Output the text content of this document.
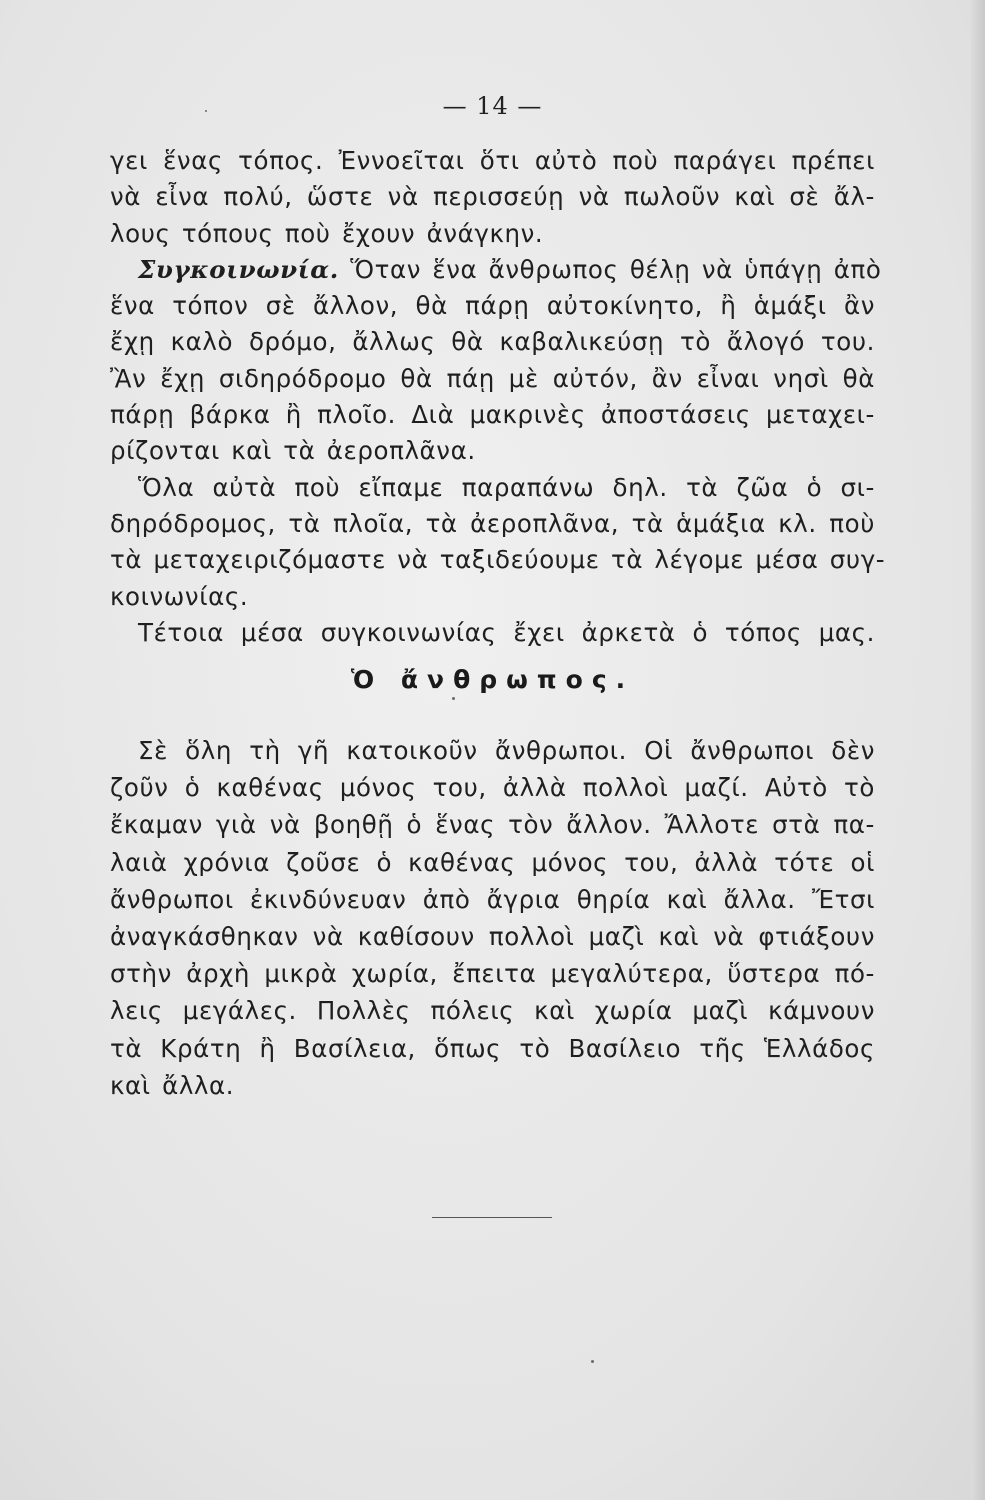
— 14 —
γει ἕνας τόπος. Ἐννοεῖται ὅτι αὐτὸ ποὺ παράγει πρέπει
νὰ εἶνα πολύ, ὥστε νὰ περισσεύῃ νὰ πωλοῦν καὶ σὲ ἄλ-
λους τόπους ποὺ ἔχουν ἀνάγκην.
Συγκοινωνία. Ὅταν ἕνα ἄνθρωπος θέλῃ νὰ ὑπάγῃ ἀπὸ
ἕνα τόπον σὲ ἄλλον, θὰ πάρῃ αὐτοκίνητο, ἢ ἁμάξι ἂν
ἔχῃ καλὸ δρόμο, ἄλλως θὰ καβαλικεύσῃ τὸ ἄλογό του.
Ἂν ἔχῃ σιδηρόδρομο θὰ πάῃ μὲ αὐτόν, ἂν εἶναι νησὶ θὰ
πάρῃ βάρκα ἢ πλοῖο. Διὰ μακρινὲς ἀποστάσεις μεταχει-
ρίζονται καὶ τὰ ἀεροπλᾶνα.
Ὅλα αὐτὰ ποὺ εἴπαμε παραπάνω δηλ. τὰ ζῶα ὁ σι-
δηρόδρομος, τὰ πλοῖα, τὰ ἀεροπλᾶνα, τὰ ἁμάξια κλ. ποὺ
τὰ μεταχειριζόμαστε νὰ ταξιδεύουμε τὰ λέγομε μέσα συγ-
κοινωνίας.
Τέτοια μέσα συγκοινωνίας ἔχει ἀρκετὰ ὁ τόπος μας.
Ὁ ἄνθρωπος.
Σὲ ὅλη τὴ γῆ κατοικοῦν ἄνθρωποι. Οἱ ἄνθρωποι δὲν
ζοῦν ὁ καθένας μόνος του, ἀλλὰ πολλοὶ μαζί. Αὐτὸ τὸ
ἔκαμαν γιὰ νὰ βοηθῇ ὁ ἕνας τὸν ἄλλον. Ἄλλοτε στὰ πα-
λαιὰ χρόνια ζοῦσε ὁ καθένας μόνος του, ἀλλὰ τότε οἱ
ἄνθρωποι ἐκινδύνευαν ἀπὸ ἄγρια θηρία καὶ ἄλλα. Ἔτσι
ἀναγκάσθηκαν νὰ καθίσουν πολλοὶ μαζὶ καὶ νὰ φτιάξουν
στὴν ἀρχὴ μικρὰ χωρία, ἔπειτα μεγαλύτερα, ὕστερα πό-
λεις μεγάλες. Πολλὲς πόλεις καὶ χωρία μαζὶ κάμνουν
τὰ Κράτη ἢ Βασίλεια, ὅπως τὸ Βασίλειο τῆς Ἑλλάδος
καὶ ἄλλα.
